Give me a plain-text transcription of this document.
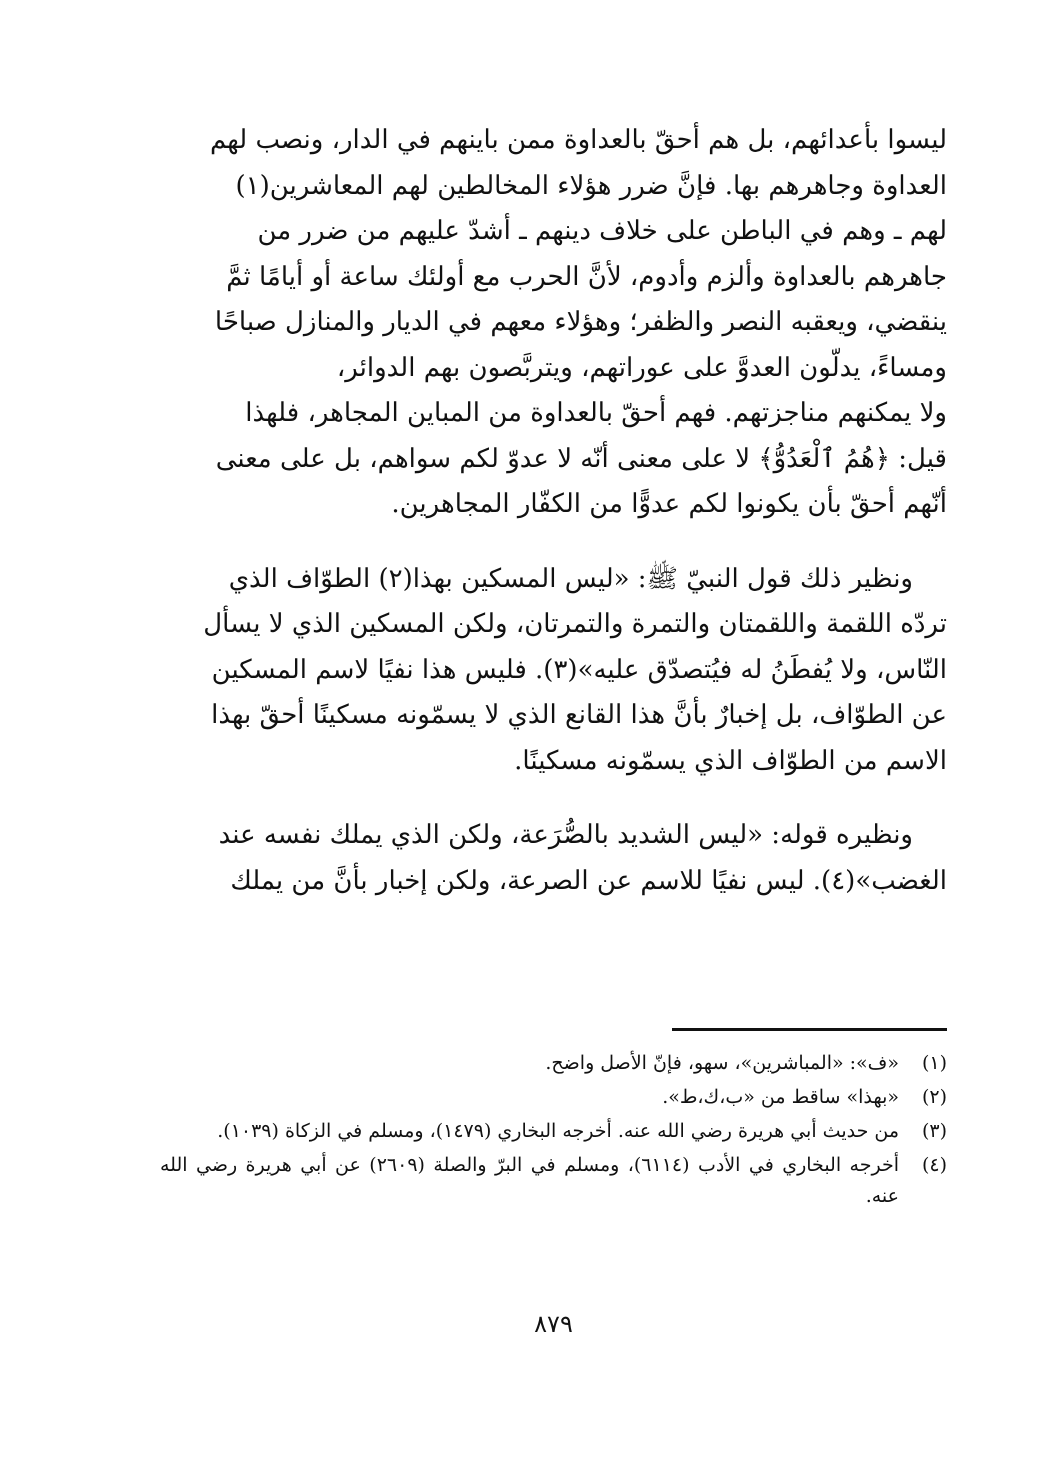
ليسوا بأعدائهم، بل هم أحقّ بالعداوة ممن باينهم في الدار، ونصب لهم
العداوة وجاهرهم بها. فإنَّ ضرر هؤلاء المخالطين لهم المعاشرين(١)
لهم ـ وهم في الباطن على خلاف دينهم ـ أشدّ عليهم من ضرر من
جاهرهم بالعداوة وألزم وأدوم، لأنَّ الحرب مع أولئك ساعة أو أيامًا ثمَّ
ينقضي، ويعقبه النصر والظفر؛ وهؤلاء معهم في الديار والمنازل صباحًا
ومساءً، يدلّون العدوَّ على عوراتهم، ويتربَّصون بهم الدوائر،
ولا يمكنهم مناجزتهم. فهم أحقّ بالعداوة من المباين المجاهر، فلهذا
قيل: ﴿هُمُ ٱلْعَدُوُّ﴾ لا على معنى أنّه لا عدوّ لكم سواهم، بل على معنى
أنّهم أحقّ بأن يكونوا لكم عدوًّا من الكفّار المجاهرين.

ونظير ذلك قول النبيّ ﷺ: «ليس المسكين بهذا(٢) الطوّاف الذي
تردّه اللقمة واللقمتان والتمرة والتمرتان، ولكن المسكين الذي لا يسأل
النّاس، ولا يُفطَنُ له فيُتصدّق عليه»(٣). فليس هذا نفيًا لاسم المسكين
عن الطوّاف، بل إخبارٌ بأنَّ هذا القانع الذي لا يسمّونه مسكينًا أحقّ بهذا
الاسم من الطوّاف الذي يسمّونه مسكينًا.

ونظيره قوله: «ليس الشديد بالصُّرَعة، ولكن الذي يملك نفسه عند
الغضب»(٤). ليس نفيًا للاسم عن الصرعة، ولكن إخبار بأنَّ من يملك

(١)
«ف»: «المباشرين»، سهو، فإنّ الأصل واضح.
(٢)
«بهذا» ساقط من «ب،ك،ط».
(٣)
من حديث أبي هريرة رضي الله عنه. أخرجه البخاري (١٤٧٩)، ومسلم في الزكاة (١٠٣٩).
(٤)
أخرجه البخاري في الأدب (٦١١٤)، ومسلم في البرّ والصلة (٢٦٠٩) عن أبي هريرة رضي الله عنه.
٨٧٩
